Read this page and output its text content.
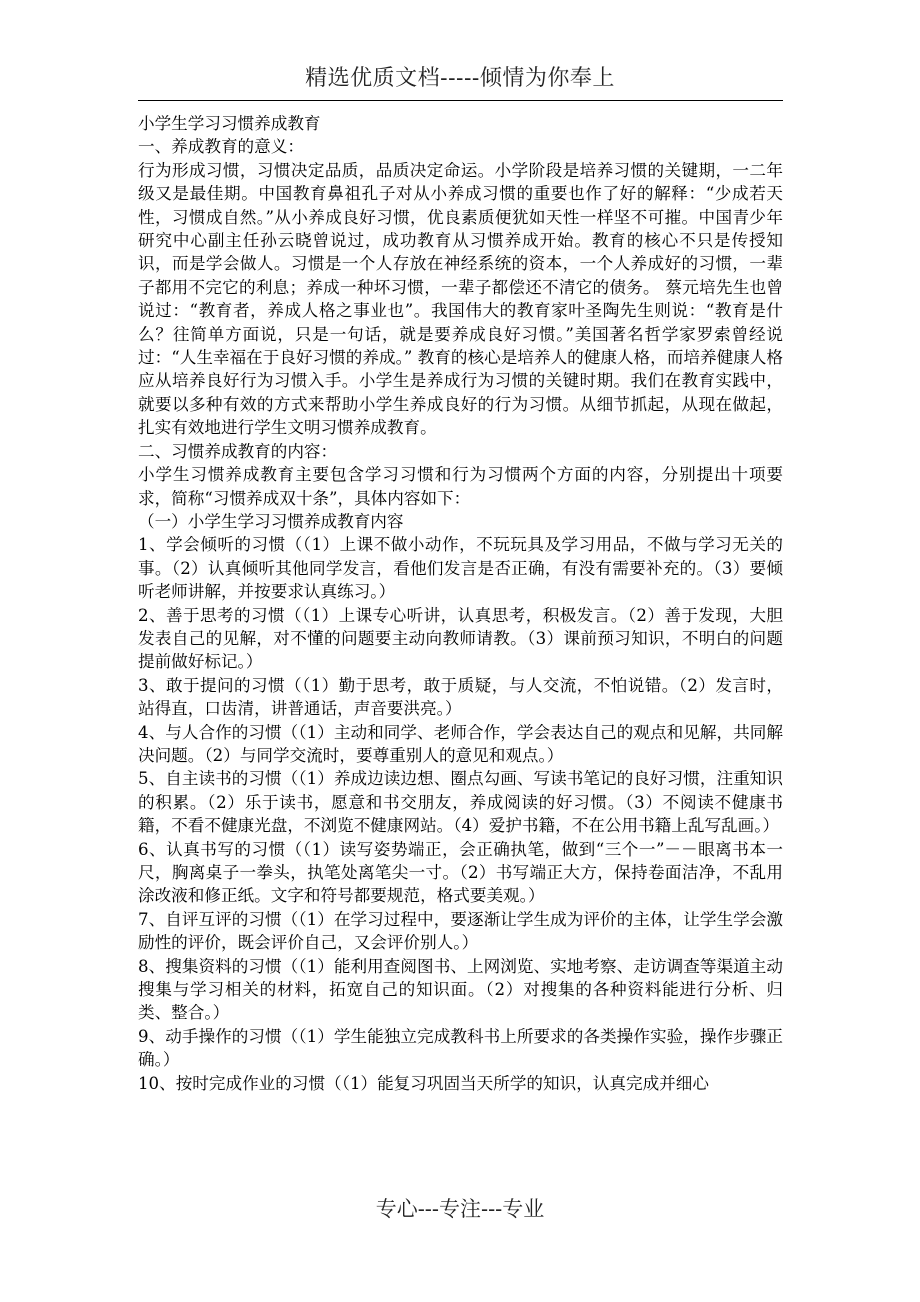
精选优质文档-----倾情为你奉上

小学生学习习惯养成教育

一、养成教育的意义：

行为形成习惯，习惯决定品质，品质决定命运。小学阶段是培养习惯的关键期，一二年级又是最佳期。中国教育鼻祖孔子对从小养成习惯的重要也作了好的解释：“少成若天性，习惯成自然。”从小养成良好习惯，优良素质便犹如天性一样坚不可摧。中国青少年研究中心副主任孙云晓曾说过，成功教育从习惯养成开始。教育的核心不只是传授知识，而是学会做人。习惯是一个人存放在神经系统的资本，一个人养成好的习惯，一辈子都用不完它的利息；养成一种坏习惯，一辈子都偿还不清它的债务。 蔡元培先生也曾说过：“教育者，养成人格之事业也”。我国伟大的教育家叶圣陶先生则说：“教育是什么？往简单方面说，只是一句话，就是要养成良好习惯。”美国著名哲学家罗索曾经说过：“人生幸福在于良好习惯的养成。” 教育的核心是培养人的健康人格，而培养健康人格应从培养良好行为习惯入手。小学生是养成行为习惯的关键时期。我们在教育实践中，就要以多种有效的方式来帮助小学生养成良好的行为习惯。从细节抓起，从现在做起，扎实有效地进行学生文明习惯养成教育。

二、习惯养成教育的内容：

小学生习惯养成教育主要包含学习习惯和行为习惯两个方面的内容，分别提出十项要求，简称“习惯养成双十条”，具体内容如下：

（一）小学生学习习惯养成教育内容

1、学会倾听的习惯（（1）上课不做小动作，不玩玩具及学习用品，不做与学习无关的事。（2）认真倾听其他同学发言，看他们发言是否正确，有没有需要补充的。（3）要倾听老师讲解，并按要求认真练习。）

2、善于思考的习惯（（1）上课专心听讲，认真思考，积极发言。（2）善于发现，大胆发表自己的见解，对不懂的问题要主动向教师请教。（3）课前预习知识，不明白的问题提前做好标记。）

3、敢于提问的习惯（（1）勤于思考，敢于质疑，与人交流，不怕说错。（2）发言时，站得直，口齿清，讲普通话，声音要洪亮。）

4、与人合作的习惯（（1）主动和同学、老师合作，学会表达自己的观点和见解，共同解决问题。（2）与同学交流时，要尊重别人的意见和观点。）

5、自主读书的习惯（（1）养成边读边想、圈点勾画、写读书笔记的良好习惯，注重知识的积累。（2）乐于读书，愿意和书交朋友，养成阅读的好习惯。（3）不阅读不健康书籍，不看不健康光盘，不浏览不健康网站。（4）爱护书籍，不在公用书籍上乱写乱画。）

6、认真书写的习惯（（1）读写姿势端正，会正确执笔，做到“三个一”－－眼离书本一尺，胸离桌子一拳头，执笔处离笔尖一寸。（2）书写端正大方，保持卷面洁净，不乱用涂改液和修正纸。文字和符号都要规范，格式要美观。）

7、自评互评的习惯（（1）在学习过程中，要逐渐让学生成为评价的主体，让学生学会激励性的评价，既会评价自己，又会评价别人。）

8、搜集资料的习惯（（1）能利用查阅图书、上网浏览、实地考察、走访调查等渠道主动搜集与学习相关的材料，拓宽自己的知识面。（2）对搜集的各种资料能进行分析、归类、整合。）

9、动手操作的习惯（（1）学生能独立完成教科书上所要求的各类操作实验，操作步骤正确。）

10、按时完成作业的习惯（（1）能复习巩固当天所学的知识，认真完成并细心

专心---专注---专业
